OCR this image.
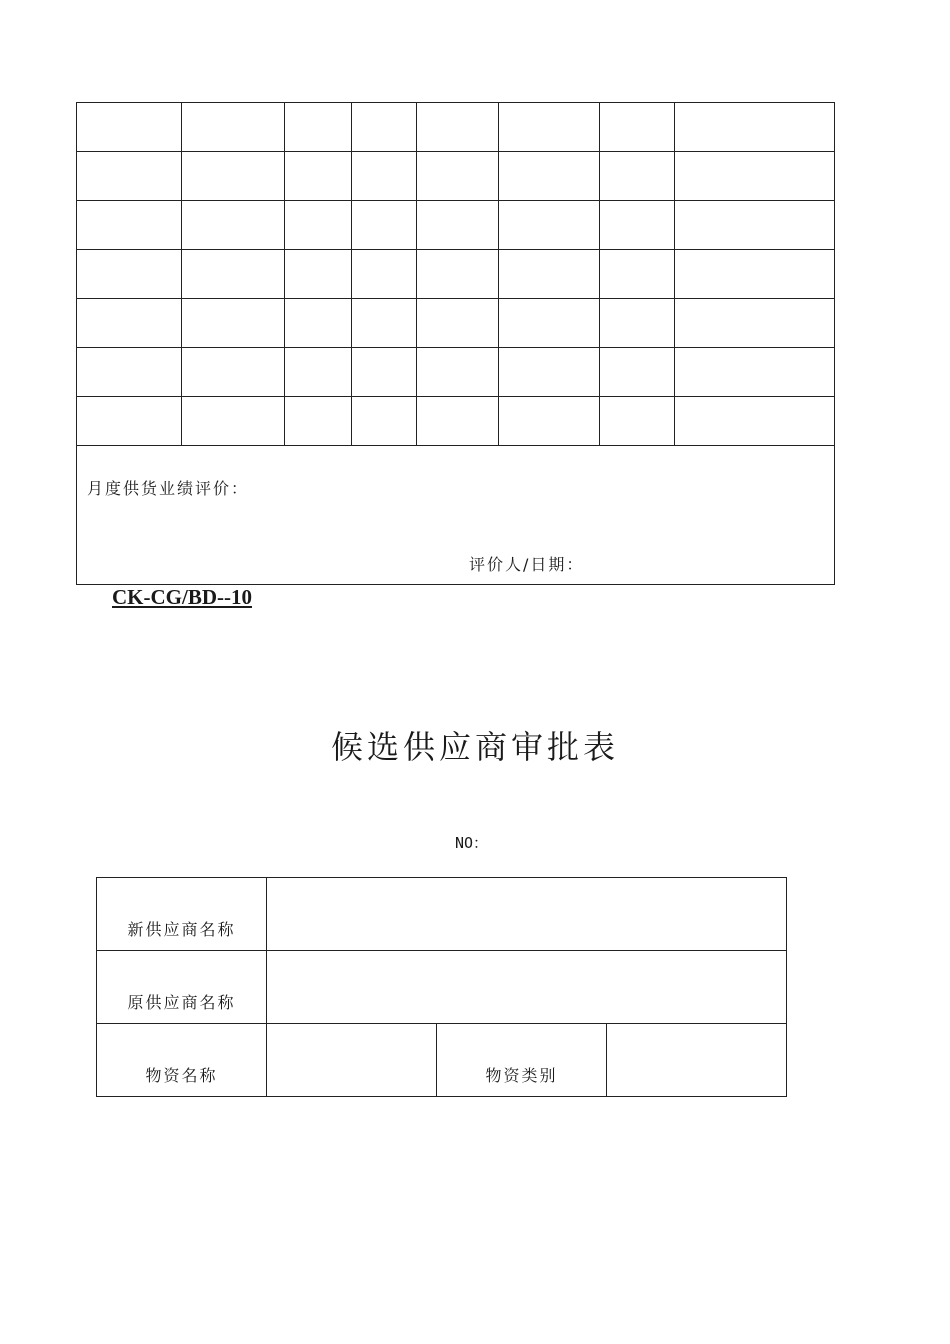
月度供货业绩评价：
评价人/日期：							
CK-CG/BD--10
候选供应商审批表
NO：
新供应商名称			
原供应商名称			
物资名称		物资类别	
